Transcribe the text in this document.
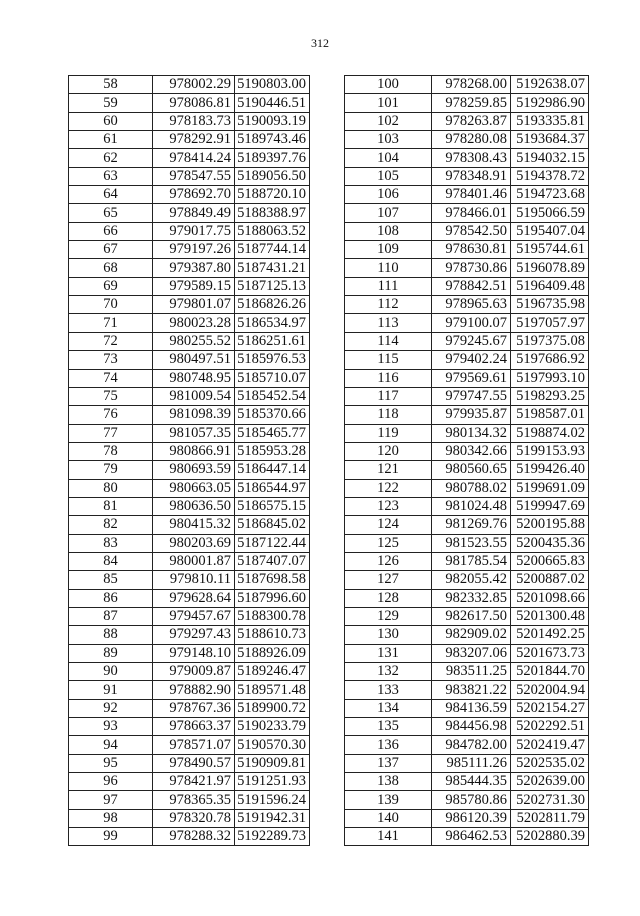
312
58	978002.29	5190803.00
59	978086.81	5190446.51
60	978183.73	5190093.19
61	978292.91	5189743.46
62	978414.24	5189397.76
63	978547.55	5189056.50
64	978692.70	5188720.10
65	978849.49	5188388.97
66	979017.75	5188063.52
67	979197.26	5187744.14
68	979387.80	5187431.21
69	979589.15	5187125.13
70	979801.07	5186826.26
71	980023.28	5186534.97
72	980255.52	5186251.61
73	980497.51	5185976.53
74	980748.95	5185710.07
75	981009.54	5185452.54
76	981098.39	5185370.66
77	981057.35	5185465.77
78	980866.91	5185953.28
79	980693.59	5186447.14
80	980663.05	5186544.97
81	980636.50	5186575.15
82	980415.32	5186845.02
83	980203.69	5187122.44
84	980001.87	5187407.07
85	979810.11	5187698.58
86	979628.64	5187996.60
87	979457.67	5188300.78
88	979297.43	5188610.73
89	979148.10	5188926.09
90	979009.87	5189246.47
91	978882.90	5189571.48
92	978767.36	5189900.72
93	978663.37	5190233.79
94	978571.07	5190570.30
95	978490.57	5190909.81
96	978421.97	5191251.93
97	978365.35	5191596.24
98	978320.78	5191942.31
99	978288.32	5192289.73
100	978268.00	5192638.07
101	978259.85	5192986.90
102	978263.87	5193335.81
103	978280.08	5193684.37
104	978308.43	5194032.15
105	978348.91	5194378.72
106	978401.46	5194723.68
107	978466.01	5195066.59
108	978542.50	5195407.04
109	978630.81	5195744.61
110	978730.86	5196078.89
111	978842.51	5196409.48
112	978965.63	5196735.98
113	979100.07	5197057.97
114	979245.67	5197375.08
115	979402.24	5197686.92
116	979569.61	5197993.10
117	979747.55	5198293.25
118	979935.87	5198587.01
119	980134.32	5198874.02
120	980342.66	5199153.93
121	980560.65	5199426.40
122	980788.02	5199691.09
123	981024.48	5199947.69
124	981269.76	5200195.88
125	981523.55	5200435.36
126	981785.54	5200665.83
127	982055.42	5200887.02
128	982332.85	5201098.66
129	982617.50	5201300.48
130	982909.02	5201492.25
131	983207.06	5201673.73
132	983511.25	5201844.70
133	983821.22	5202004.94
134	984136.59	5202154.27
135	984456.98	5202292.51
136	984782.00	5202419.47
137	985111.26	5202535.02
138	985444.35	5202639.00
139	985780.86	5202731.30
140	986120.39	5202811.79
141	986462.53	5202880.39
